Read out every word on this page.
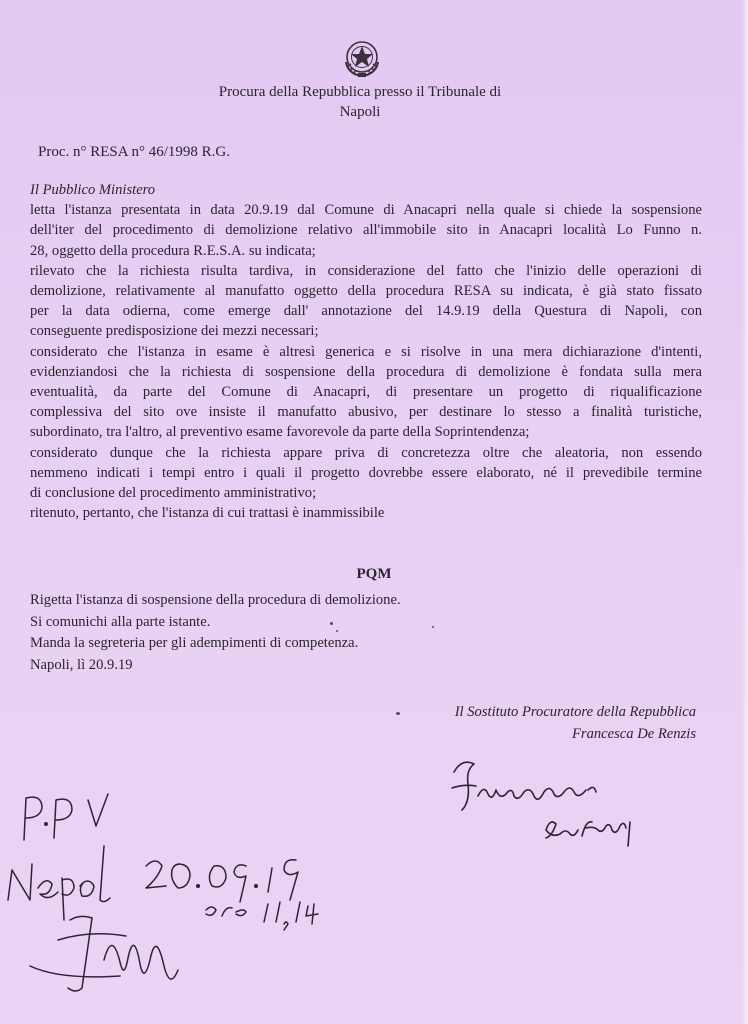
Procura della Repubblica presso il Tribunale di
Napoli
Proc. n° RESA n° 46/1998 R.G.
Il Pubblico Ministero
letta l'istanza presentata in data 20.9.19 dal Comune di Anacapri nella quale si chiede la sospensione
dell'iter del procedimento di demolizione relativo all'immobile sito in Anacapri località Lo Funno n.
28, oggetto della procedura R.E.S.A. su indicata;
rilevato che la richiesta risulta tardiva, in considerazione del fatto che l'inizio delle operazioni di
demolizione, relativamente al manufatto oggetto della procedura RESA su indicata, è già stato fissato
per la data odierna, come emerge dall' annotazione del 14.9.19 della Questura di Napoli, con
conseguente predisposizione dei mezzi necessari;
considerato che l'istanza in esame è altresì generica e si risolve in una mera dichiarazione d'intenti,
evidenziandosi che la richiesta di sospensione della procedura di demolizione è fondata sulla mera
eventualità, da parte del Comune di Anacapri, di presentare un progetto di riqualificazione
complessiva del sito ove insiste il manufatto abusivo, per destinare lo stesso a finalità turistiche,
subordinato, tra l'altro, al preventivo esame favorevole da parte della Soprintendenza;
considerato dunque che la richiesta appare priva di concretezza oltre che aleatoria, non essendo
nemmeno indicati i tempi entro i quali il progetto dovrebbe essere elaborato, né il prevedibile termine
di conclusione del procedimento amministrativo;
ritenuto, pertanto, che l'istanza di cui trattasi è inammissibile
PQM
Rigetta l'istanza di sospensione della procedura di demolizione.
Si comunichi alla parte istante.
Manda la segreteria per gli adempimenti di competenza.
Napoli, lì 20.9.19
Il Sostituto Procuratore della Repubblica
Francesca De Renzis
